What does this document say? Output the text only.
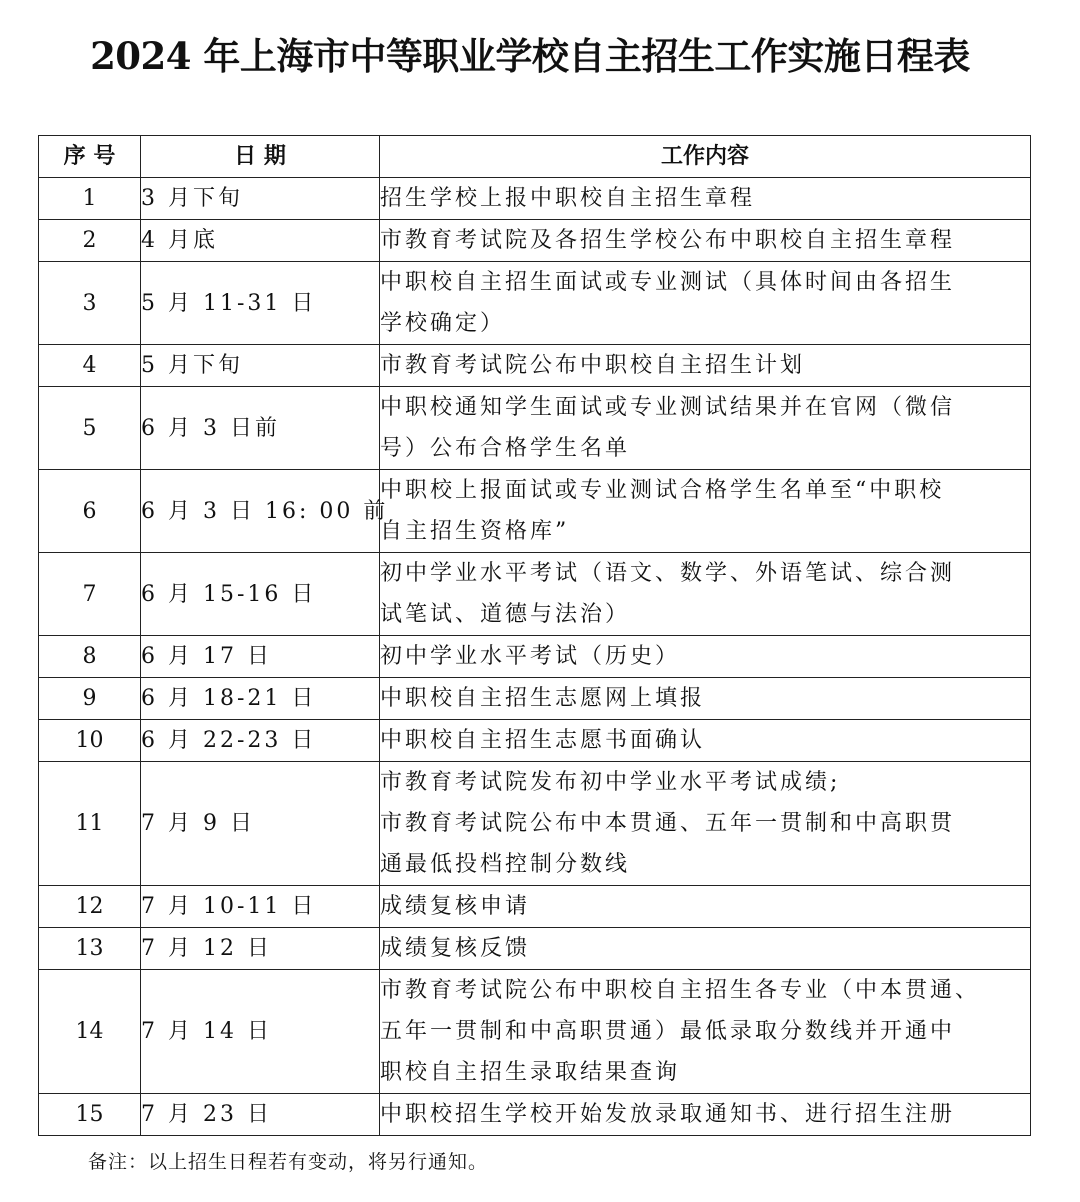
2024 年上海市中等职业学校自主招生工作实施日程表
序 号	日 期	工作内容
1	3 月下旬	招生学校上报中职校自主招生章程

2	4 月底	市教育考试院及各招生学校公布中职校自主招生章程

3	5 月 11-31 日	中职校自主招生面试或专业测试（具体时间由各招生
学校确定）

4	5 月下旬	市教育考试院公布中职校自主招生计划

5	6 月 3 日前	中职校通知学生面试或专业测试结果并在官网（微信
号）公布合格学生名单

6	6 月 3 日 16: 00 前	中职校上报面试或专业测试合格学生名单至“中职校
自主招生资格库”

7	6 月 15-16 日	初中学业水平考试（语文、数学、外语笔试、综合测
试笔试、道德与法治）

8	6 月 17 日	初中学业水平考试（历史）

9	6 月 18-21 日	中职校自主招生志愿网上填报

10	6 月 22-23 日	中职校自主招生志愿书面确认

11	7 月 9 日	市教育考试院发布初中学业水平考试成绩;
市教育考试院公布中本贯通、五年一贯制和中高职贯
通最低投档控制分数线

12	7 月 10-11 日	成绩复核申请

13	7 月 12 日	成绩复核反馈

14	7 月 14 日	市教育考试院公布中职校自主招生各专业（中本贯通、
五年一贯制和中高职贯通）最低录取分数线并开通中
职校自主招生录取结果查询

15	7 月 23 日	中职校招生学校开始发放录取通知书、进行招生注册
备注：以上招生日程若有变动，将另行通知。
